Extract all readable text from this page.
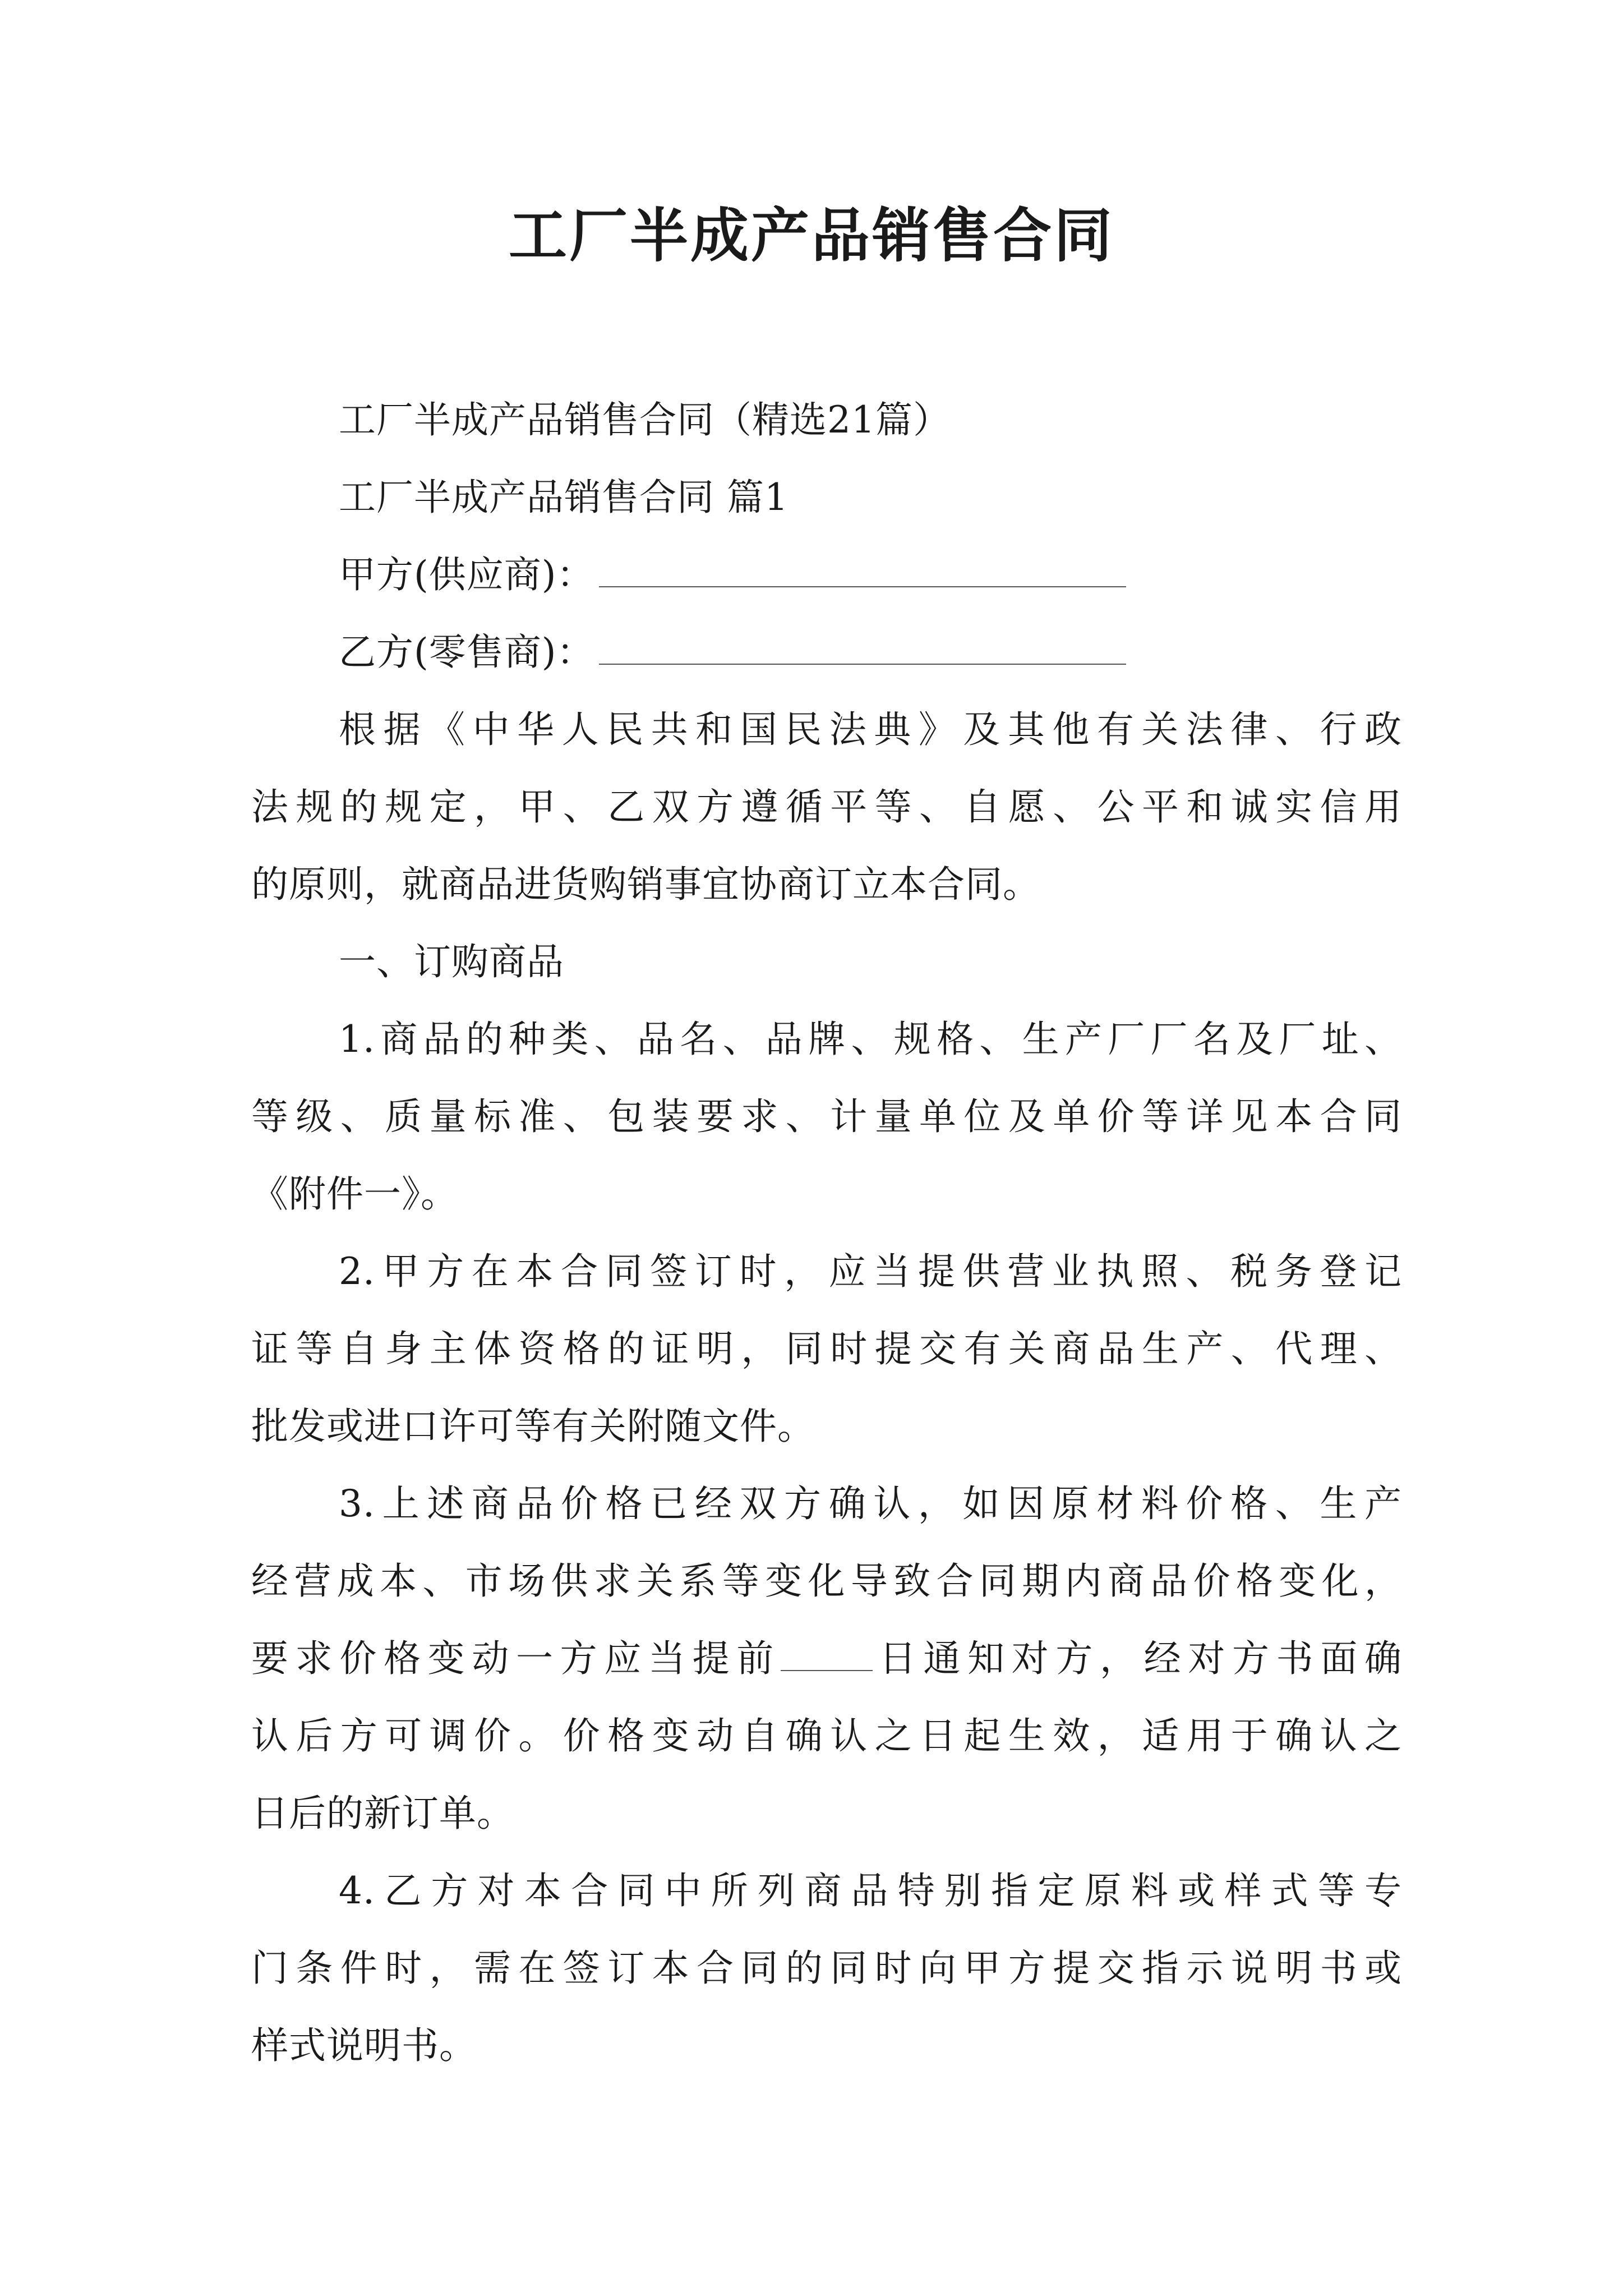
工厂半成产品销售合同
工厂半成产品销售合同（精选21篇）
工厂半成产品销售合同 篇1
甲方(供应商)：
乙方(零售商)：
根据《中华人民共和国民法典》及其他有关法律、行政
法规的规定，甲、乙双方遵循平等、自愿、公平和诚实信用
的原则，就商品进货购销事宜协商订立本合同。
一、订购商品
1.商品的种类、品名、品牌、规格、生产厂厂名及厂址、
等级、质量标准、包装要求、计量单位及单价等详见本合同
《附件一》。
2.甲方在本合同签订时，应当提供营业执照、税务登记
证等自身主体资格的证明，同时提交有关商品生产、代理、
批发或进口许可等有关附随文件。
3.上述商品价格已经双方确认，如因原材料价格、生产
经营成本、市场供求关系等变化导致合同期内商品价格变化，
要求价格变动一方应当提前 日通知对方，经对方书面确
认后方可调价。价格变动自确认之日起生效，适用于确认之
日后的新订单。
4.乙方对本合同中所列商品特别指定原料或样式等专
门条件时，需在签订本合同的同时向甲方提交指示说明书或
样式说明书。
